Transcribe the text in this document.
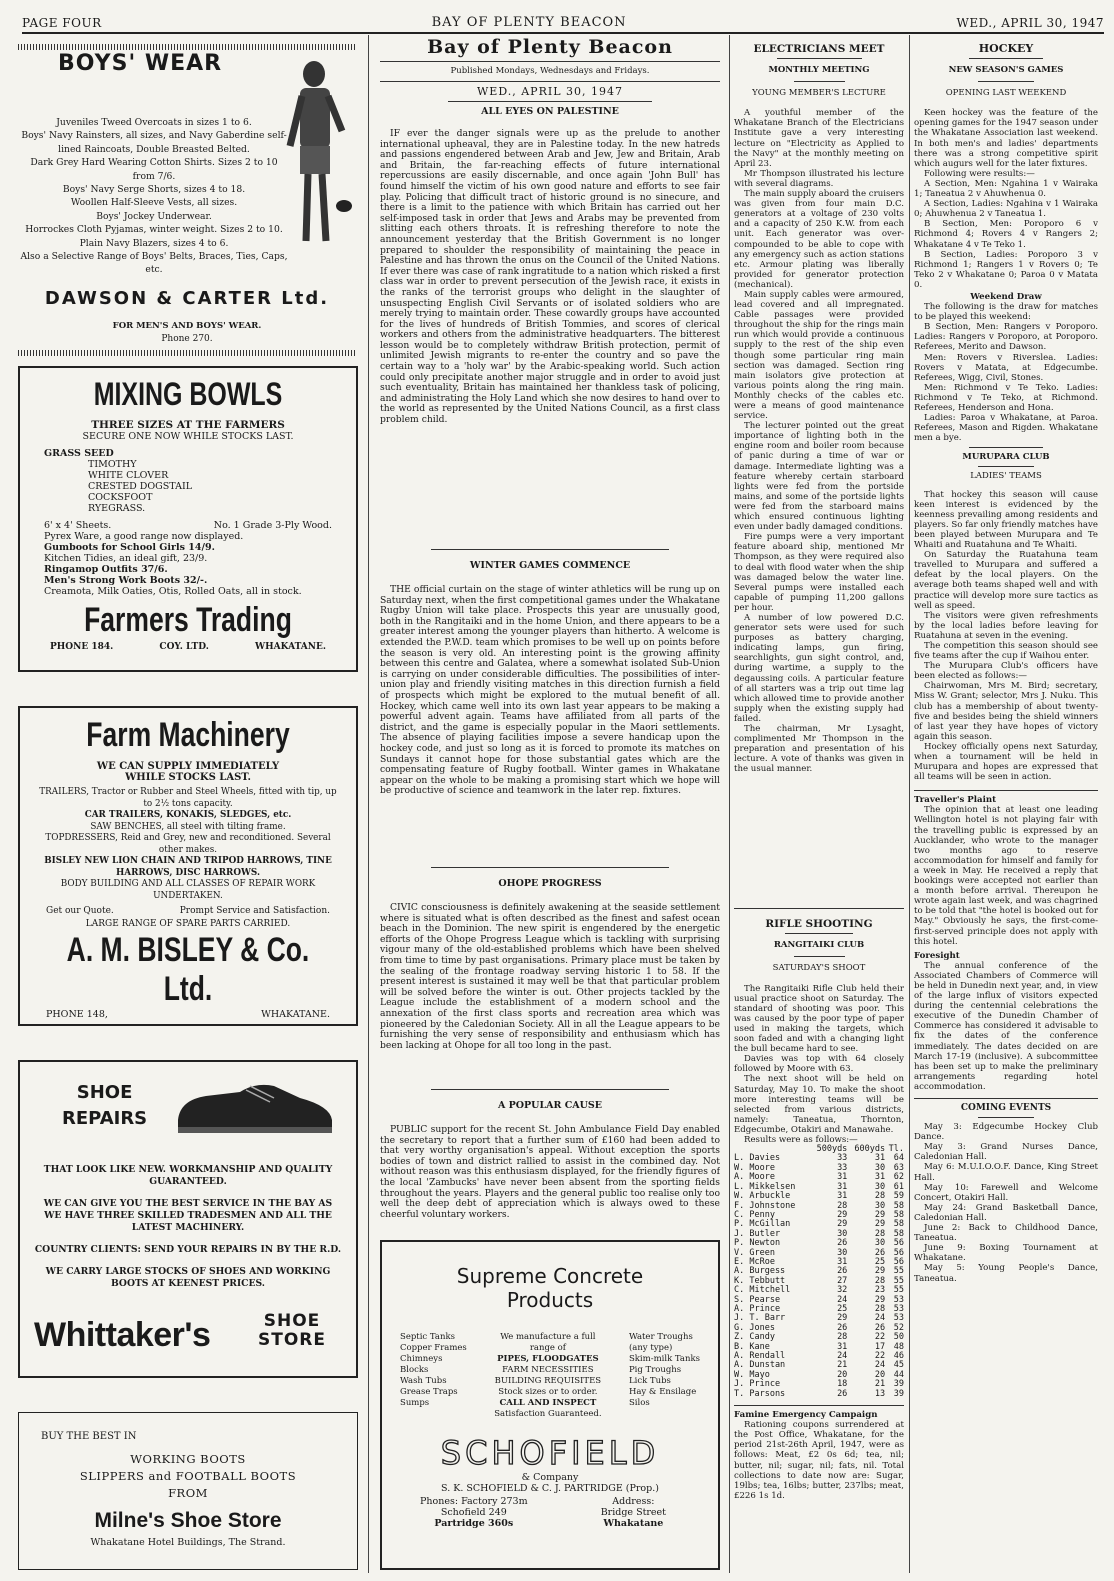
PAGE FOUR	BAY OF PLENTY BEACON	WED., APRIL 30, 1947
BOYS' WEAR
Juveniles Tweed Overcoats in sizes 1 to 6.
Boys' Navy Rainsters, all sizes, and Navy Gaberdine self-lined Raincoats, Double Breasted Belted.
Dark Grey Hard Wearing Cotton Shirts. Sizes 2 to 10 from 7/6.
Boys' Navy Serge Shorts, sizes 4 to 18.
Woollen Half-Sleeve Vests, all sizes.
Boys' Jockey Underwear.
Horrockes Cloth Pyjamas, winter weight. Sizes 2 to 10.
Plain Navy Blazers, sizes 4 to 6.
Also a Selective Range of Boys' Belts, Braces, Ties, Caps, etc.
DAWSON & CARTER Ltd.
FOR MEN'S AND BOYS' WEAR.
Phone 270.
MIXING BOWLS
THREE SIZES AT THE FARMERS
SECURE ONE NOW WHILE STOCKS LAST.
GRASS SEED
TIMOTHY
WHITE CLOVER
CRESTED DOGSTAIL
COCKSFOOT
RYEGRASS.
6' x 4' Sheets.	No. 1 Grade 3-Ply Wood.
Pyrex Ware, a good range now displayed.
Gumboots for School Girls 14/9.
Kitchen Tidies, an ideal gift, 23/9.
Ringamop Outfits 37/6.
Men's Strong Work Boots 32/-.
Creamota, Milk Oaties, Otis, Rolled Oats, all in stock.
Farmers Trading
PHONE 184.	COY. LTD.	WHAKATANE.
Farm Machinery
WE CAN SUPPLY IMMEDIATELY WHILE STOCKS LAST.
TRAILERS, Tractor or Rubber and Steel Wheels, fitted with tip, up to 2½ tons capacity.
CAR TRAILERS, KONAKIS, SLEDGES, etc.
SAW BENCHES, all steel with tilting frame.
TOPDRESSERS, Reid and Grey, new and reconditioned. Several other makes.
BISLEY NEW LION CHAIN AND TRIPOD HARROWS, TINE HARROWS, DISC HARROWS.
BODY BUILDING AND ALL CLASSES OF REPAIR WORK UNDERTAKEN.
Get our Quote.	Prompt Service and Satisfaction.
LARGE RANGE OF SPARE PARTS CARRIED.
A. M. BISLEY & Co. Ltd.
PHONE 148,	WHAKATANE.
SHOE
REPAIRS
THAT LOOK LIKE NEW. WORKMANSHIP AND QUALITY GUARANTEED.
WE CAN GIVE YOU THE BEST SERVICE IN THE BAY AS WE HAVE THREE SKILLED TRADESMEN AND ALL THE LATEST MACHINERY.
COUNTRY CLIENTS: SEND YOUR REPAIRS IN BY THE R.D.
WE CARRY LARGE STOCKS OF SHOES AND WORKING BOOTS AT KEENEST PRICES.
Whittaker's	SHOE
STORE
BUY THE BEST IN
WORKING BOOTS
SLIPPERS and FOOTBALL BOOTS
FROM
Milne's Shoe Store
Whakatane Hotel Buildings, The Strand.
Bay of Plenty Beacon
Published Mondays, Wednesdays and Fridays.
WED., APRIL 30, 1947
ALL EYES ON PALESTINE

IF ever the danger signals were up as the prelude to another international upheaval, they are in Palestine today. In the new hatreds and passions engendered between Arab and Jew, Jew and Britain, Arab and Britain, the far-reaching effects of future international repercussions are easily discernable, and once again 'John Bull' has found himself the victim of his own good nature and efforts to see fair play. Policing that difficult tract of historic ground is no sinecure, and there is a limit to the patience with which Britain has carried out her self-imposed task in order that Jews and Arabs may be prevented from slitting each others throats. It is refreshing therefore to note the announcement yesterday that the British Government is no longer prepared to shoulder the responsibility of maintaining the peace in Palestine and has thrown the onus on the Council of the United Nations. If ever there was case of rank ingratitude to a nation which risked a first class war in order to prevent persecution of the Jewish race, it exists in the ranks of the terrorist groups who delight in the slaughter of unsuspecting English Civil Servants or of isolated soldiers who are merely trying to maintain order. These cowardly groups have accounted for the lives of hundreds of British Tommies, and scores of clerical workers and others from the administrative headquarters. The bitterest lesson would be to completely withdraw British protection, permit of unlimited Jewish migrants to re-enter the country and so pave the certain way to a 'holy war' by the Arabic-speaking world. Such action could only precipitate another major struggle and in order to avoid just such eventuality, Britain has maintained her thankless task of policing, and administrating the Holy Land which she now desires to hand over to the world as represented by the United Nations Council, as a first class problem child.

WINTER GAMES COMMENCE

THE official curtain on the stage of winter athletics will be rung up on Saturday next, when the first competitional games under the Whakatane Rugby Union will take place. Prospects this year are unusually good, both in the Rangitaiki and in the home Union, and there appears to be a greater interest among the younger players than hitherto. A welcome is extended the P.W.D. team which promises to be well up on points before the season is very old. An interesting point is the growing affinity between this centre and Galatea, where a somewhat isolated Sub-Union is carrying on under considerable difficulties. The possibilities of inter-union play and friendly visiting matches in this direction furnish a field of prospects which might be explored to the mutual benefit of all. Hockey, which came well into its own last year appears to be making a powerful advent again. Teams have affiliated from all parts of the district, and the game is especially popular in the Maori settlements. The absence of playing facilities impose a severe handicap upon the hockey code, and just so long as it is forced to promote its matches on Sundays it cannot hope for those substantial gates which are the compensating feature of Rugby football. Winter games in Whakatane appear on the whole to be making a promising start which we hope will be productive of science and teamwork in the later rep. fixtures.

OHOPE PROGRESS

CIVIC consciousness is definitely awakening at the seaside settlement where is situated what is often described as the finest and safest ocean beach in the Dominion. The new spirit is engendered by the energetic efforts of the Ohope Progress League which is tackling with surprising vigour many of the old-established problems which have been shelved from time to time by past organisations. Primary place must be taken by the sealing of the frontage roadway serving historic 1 to 58. If the present interest is sustained it may well be that that particular problem will be solved before the winter is out. Other projects tackled by the League include the establishment of a modern school and the annexation of the first class sports and recreation area which was pioneered by the Caledonian Society. All in all the League appears to be furnishing the very sense of responsibility and enthusiasm which has been lacking at Ohope for all too long in the past.

A POPULAR CAUSE

PUBLIC support for the recent St. John Ambulance Field Day enabled the secretary to report that a further sum of £160 had been added to that very worthy organisation's appeal. Without exception the sports bodies of town and district rallied to assist in the combined day. Not without reason was this enthusiasm displayed, for the friendly figures of the local 'Zambucks' have never been absent from the sporting fields throughout the years. Players and the general public too realise only too well the deep debt of appreciation which is always owed to these cheerful voluntary workers.

Supreme Concrete
Products
Septic Tanks
Copper Frames
Chimneys
Blocks
Wash Tubs
Grease Traps
Sumps
We manufacture a full
range of
PIPES, FLOODGATES
FARM NECESSITIES
BUILDING REQUISITES
Stock sizes or to order.
CALL AND INSPECT
Satisfaction Guaranteed.
Water Troughs
(any type)
Skim-milk Tanks
Pig Troughs
Lick Tubs
Hay & Ensilage
Silos
SCHOFIELD
& Company
S. K. SCHOFIELD & C. J. PARTRIDGE (Prop.)
Phones: Factory 273m
Schofield 249
Partridge 360s
Address:
Bridge Street
Whakatane
ELECTRICIANS MEET
MONTHLY MEETING
YOUNG MEMBER'S LECTURE

A youthful member of the Whakatane Branch of the Electricians Institute gave a very interesting lecture on "Electricity as Applied to the Navy" at the monthly meeting on April 23.

Mr Thompson illustrated his lecture with several diagrams.

The main supply aboard the cruisers was given from four main D.C. generators at a voltage of 230 volts and a capacity of 250 K.W. from each unit. Each generator was over-compounded to be able to cope with any emergency such as action stations etc. Armour plating was liberally provided for generator protection (mechanical).

Main supply cables were armoured, lead covered and all impregnated. Cable passages were provided throughout the ship for the rings main run which would provide a continuous supply to the rest of the ship even though some particular ring main section was damaged. Section ring main isolators give protection at various points along the ring main. Monthly checks of the cables etc. were a means of good maintenance service.

The lecturer pointed out the great importance of lighting both in the engine room and boiler room because of panic during a time of war or damage. Intermediate lighting was a feature whereby certain starboard lights were fed from the portside mains, and some of the portside lights were fed from the starboard mains which ensured continuous lighting even under badly damaged conditions.

Fire pumps were a very important feature aboard ship, mentioned Mr Thompson, as they were required also to deal with flood water when the ship was damaged below the water line. Several pumps were installed each capable of pumping 11,200 gallons per hour.

A number of low powered D.C. generator sets were used for such purposes as battery charging, indicating lamps, gun firing, searchlights, gun sight control, and, during wartime, a supply to the degaussing coils. A particular feature of all starters was a trip out time lag which allowed time to provide another supply when the existing supply had failed.

The chairman, Mr Lysaght, complimented Mr Thompson in the preparation and presentation of his lecture. A vote of thanks was given in the usual manner.

RIFLE SHOOTING
RANGITAIKI CLUB
SATURDAY'S SHOOT

The Rangitaiki Rifle Club held their usual practice shoot on Saturday. The standard of shooting was poor. This was caused by the poor type of paper used in making the targets, which soon faded and with a changing light the bull became hard to see.

Davies was top with 64 closely followed by Moore with 63.

The next shoot will be held on Saturday, May 10. To make the shoot more interesting teams will be selected from various districts, namely: Taneatua, Thornton, Edgecumbe, Otakiri and Manawahe.

Results were as follows:—

	500yds	600yds	Tl.
L. Davies	33	31	64
W. Moore	33	30	63
A. Moore	31	31	62
L. Mikkelsen	31	30	61
W. Arbuckle	31	28	59
F. Johnstone	28	30	58
C. Penny	29	29	58
P. McGillan	29	29	58
J. Butler	30	28	58
P. Newton	26	30	56
V. Green	30	26	56
E. McRoe	31	25	56
A. Burgess	26	29	55
K. Tebbutt	27	28	55
C. Mitchell	32	23	55
S. Pearse	24	29	53
A. Prince	25	28	53
J. T. Barr	29	24	53
G. Jones	26	26	52
Z. Candy	28	22	50
B. Kane	31	17	48
A. Rendall	24	22	46
A. Dunstan	21	24	45
W. Mayo	20	20	44
J. Prince	18	21	39
T. Parsons	26	13	39
Famine Emergency Campaign

Rationing coupons surrendered at the Post Office, Whakatane, for the period 21st-26th April, 1947, were as follows: Meat, £2 0s 6d; tea, nil; butter, nil; sugar, nil; fats, nil. Total collections to date now are: Sugar, 19lbs; tea, 16lbs; butter, 237lbs; meat, £226 1s 1d.

HOCKEY
NEW SEASON'S GAMES
OPENING LAST WEEKEND

Keen hockey was the feature of the opening games for the 1947 season under the Whakatane Association last weekend. In both men's and ladies' departments there was a strong competitive spirit which augurs well for the later fixtures.

Following were results:—

A Section, Men: Ngahina 1 v Wairaka 1; Taneatua 2 v Ahuwhenua 0.

A Section, Ladies: Ngahina v 1 Wairaka 0; Ahuwhenua 2 v Taneatua 1.

B Section, Men: Poroporo 6 v Richmond 4; Rovers 4 v Rangers 2; Whakatane 4 v Te Teko 1.

B Section, Ladies: Poroporo 3 v Richmond 1; Rangers 1 v Rovers 0; Te Teko 2 v Whakatane 0; Paroa 0 v Matata 0.

Weekend Draw

The following is the draw for matches to be played this weekend:

B Section, Men: Rangers v Poroporo. Ladies: Rangers v Poroporo, at Poroporo. Referees, Merito and Dawson.

Men: Rovers v Riverslea. Ladies: Rovers v Matata, at Edgecumbe. Referees, Wigg, Civil, Stones.

Men: Richmond v Te Teko. Ladies: Richmond v Te Teko, at Richmond. Referees, Henderson and Hona.

Ladies: Paroa v Whakatane, at Paroa. Referees, Mason and Rigden. Whakatane men a bye.

MURUPARA CLUB
LADIES' TEAMS

That hockey this season will cause keen interest is evidenced by the keenness prevailing among residents and players. So far only friendly matches have been played between Murupara and Te Whaiti and Ruatahuna and Te Whaiti.

On Saturday the Ruatahuna team travelled to Murupara and suffered a defeat by the local players. On the average both teams shaped well and with practice will develop more sure tactics as well as speed.

The visitors were given refreshments by the local ladies before leaving for Ruatahuna at seven in the evening.

The competition this season should see five teams after the cup if Waihou enter.

The Murupara Club's officers have been elected as follows:—

Chairwoman, Mrs M. Bird; secretary, Miss W. Grant; selector, Mrs J. Nuku. This club has a membership of about twenty-five and besides being the shield winners of last year they have hopes of victory again this season.

Hockey officially opens next Saturday, when a tournament will be held in Murupara and hopes are expressed that all teams will be seen in action.

Traveller's Plaint

The opinion that at least one leading Wellington hotel is not playing fair with the travelling public is expressed by an Aucklander, who wrote to the manager two months ago to reserve accommodation for himself and family for a week in May. He received a reply that bookings were accepted not earlier than a month before arrival. Thereupon he wrote again last week, and was chagrined to be told that "the hotel is booked out for May." Obviously he says, the first-come-first-served principle does not apply with this hotel.

Foresight

The annual conference of the Associated Chambers of Commerce will be held in Dunedin next year, and, in view of the large influx of visitors expected during the centennial celebrations the executive of the Dunedin Chamber of Commerce has considered it advisable to fix the dates of the conference immediately. The dates decided on are March 17-19 (inclusive). A subcommittee has been set up to make the preliminary arrangements regarding hotel accommodation.

COMING EVENTS

May 3: Edgecumbe Hockey Club Dance.

May 3: Grand Nurses Dance, Caledonian Hall.

May 6: M.U.I.O.O.F. Dance, King Street Hall.

May 10: Farewell and Welcome Concert, Otakiri Hall.

May 24: Grand Basketball Dance, Caledonian Hall.

June 2: Back to Childhood Dance, Taneatua.

June 9: Boxing Tournament at Whakatane.

May 5: Young People's Dance, Taneatua.
